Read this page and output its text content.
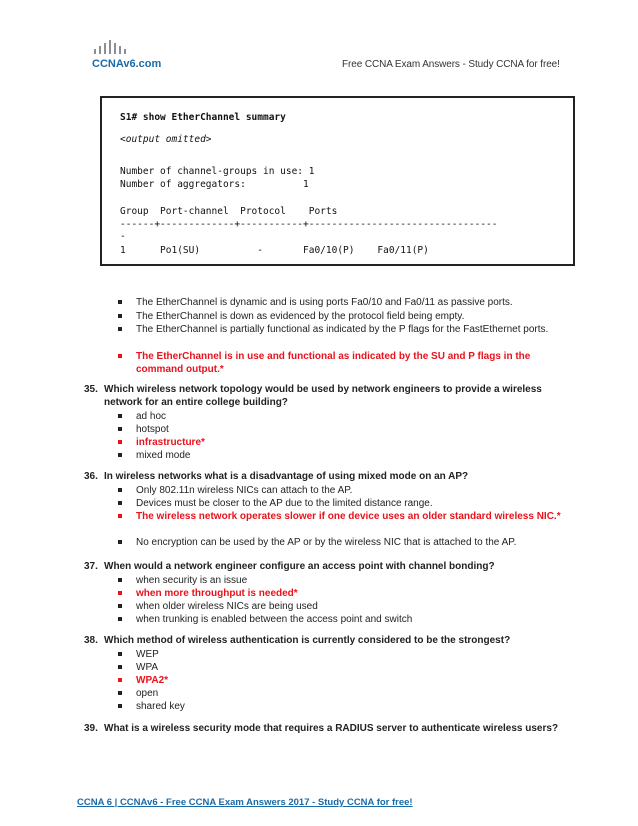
CCNAv6.com	Free CCNA Exam Answers - Study CCNA for free!
S1# show EtherChannel summary
<output omitted>
Number of channel-groups in use: 1
Number of aggregators:          1
Group  Port-channel  Protocol    Ports
------+-------------+-----------+---------------------------------
-
1      Po1(SU)          -       Fa0/10(P)    Fa0/11(P)
The EtherChannel is dynamic and is using ports Fa0/10 and Fa0/11 as passive ports.
The EtherChannel is down as evidenced by the protocol field being empty.
The EtherChannel is partially functional as indicated by the P flags for the FastEthernet ports.
The EtherChannel is in use and functional as indicated by the SU and P flags in the command output.*
35. Which wireless network topology would be used by network engineers to provide a wireless network for an entire college building?
ad hoc
hotspot
infrastructure*
mixed mode
36. In wireless networks what is a disadvantage of using mixed mode on an AP?
Only 802.11n wireless NICs can attach to the AP.
Devices must be closer to the AP due to the limited distance range.
The wireless network operates slower if one device uses an older standard wireless NIC.*
No encryption can be used by the AP or by the wireless NIC that is attached to the AP.
37. When would a network engineer configure an access point with channel bonding?
when security is an issue
when more throughput is needed*
when older wireless NICs are being used
when trunking is enabled between the access point and switch
38. Which method of wireless authentication is currently considered to be the strongest?
WEP
WPA
WPA2*
open
shared key
39. What is a wireless security mode that requires a RADIUS server to authenticate wireless users?
CCNA 6 | CCNAv6 - Free CCNA Exam Answers 2017 - Study CCNA for free!
